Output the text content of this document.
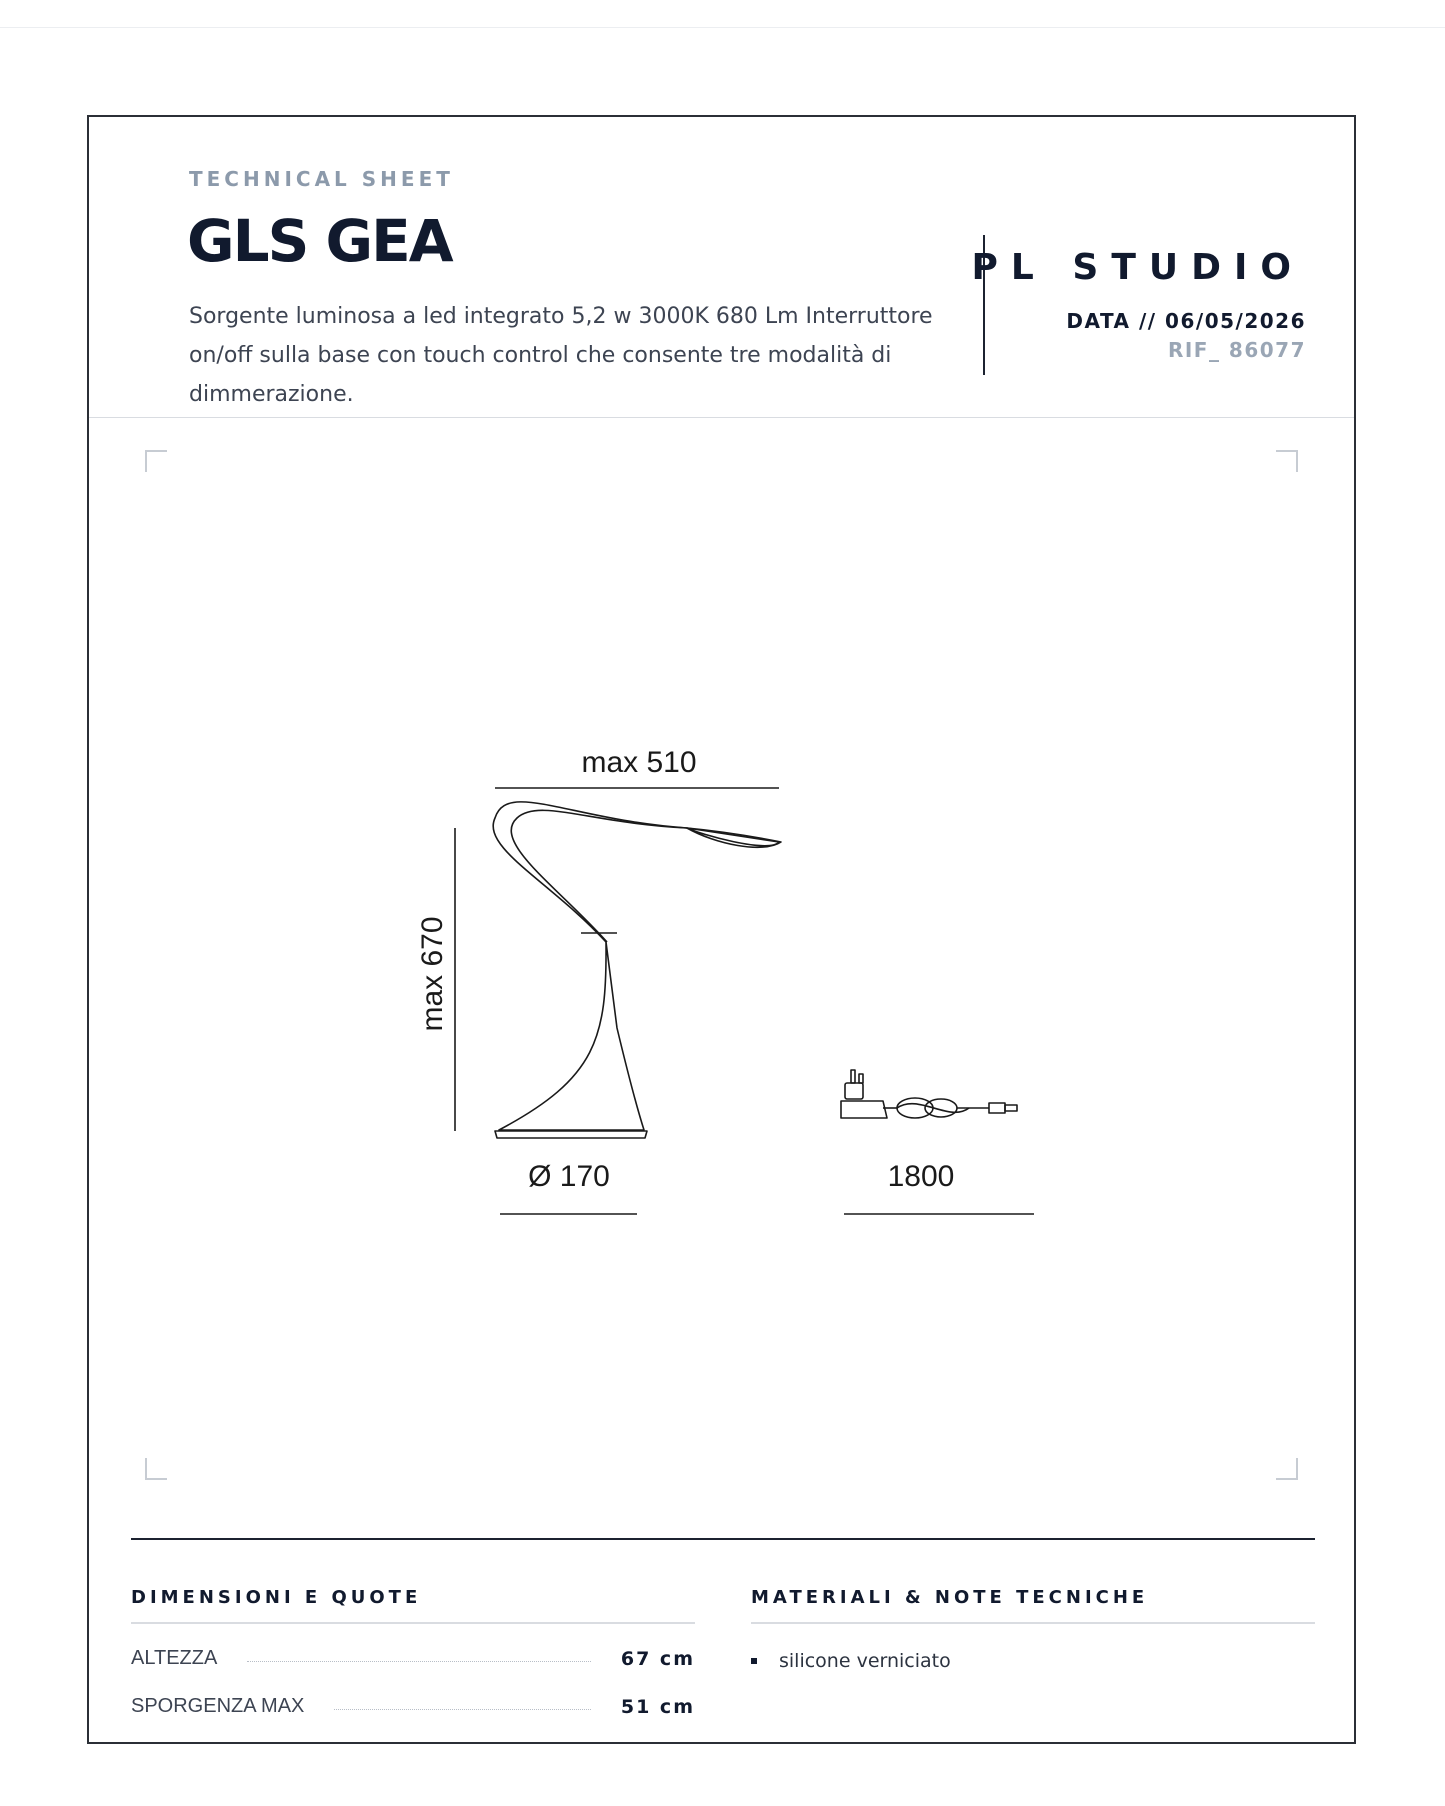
TECHNICAL SHEET
GLS GEA
Sorgente luminosa a led integrato 5,2 w 3000K 680 Lm Interruttore on/off sulla base con touch control che consente tre modalità di dimmerazione.
PL STUDIO
DATA // 06/05/2026
RIF_ 86077
max 510
max 670
Ø 170	1800
DIMENSIONI E QUOTE
ALTEZZA	67 cm
SPORGENZA MAX	51 cm
MATERIALI & NOTE TECNICHE
silicone verniciato
